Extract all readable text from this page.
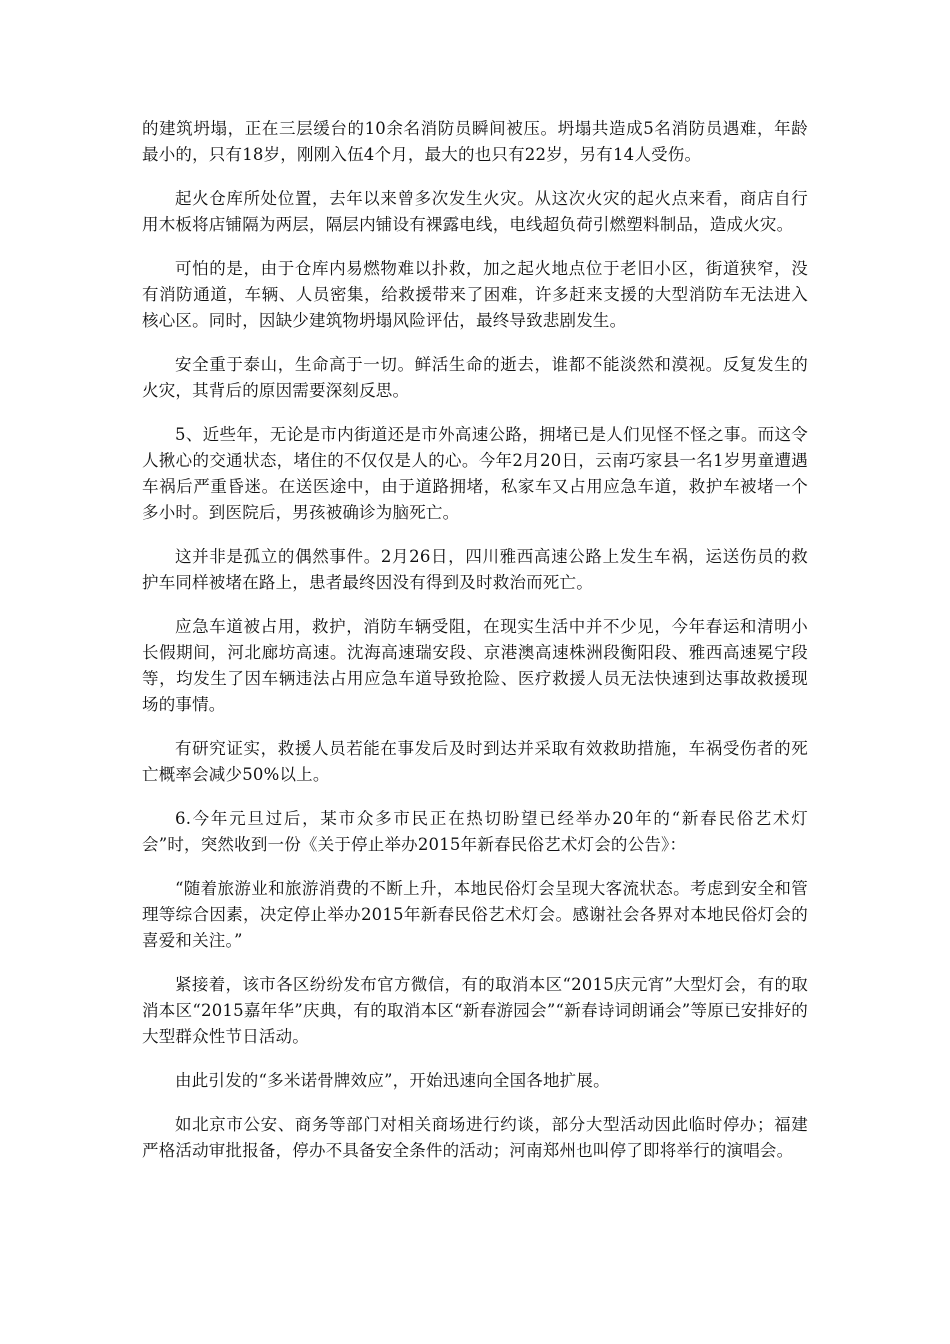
的建筑坍塌，正在三层缓台的10余名消防员瞬间被压。坍塌共造成5名消防员遇难，年龄最小的，只有18岁，刚刚入伍4个月，最大的也只有22岁，另有14人受伤。

起火仓库所处位置，去年以来曾多次发生火灾。从这次火灾的起火点来看，商店自行用木板将店铺隔为两层，隔层内铺设有裸露电线，电线超负荷引燃塑料制品，造成火灾。

可怕的是，由于仓库内易燃物难以扑救，加之起火地点位于老旧小区，街道狭窄，没有消防通道，车辆、人员密集，给救援带来了困难，许多赶来支援的大型消防车无法进入核心区。同时，因缺少建筑物坍塌风险评估，最终导致悲剧发生。

安全重于泰山，生命高于一切。鲜活生命的逝去，谁都不能淡然和漠视。反复发生的火灾，其背后的原因需要深刻反思。

5、近些年，无论是市内街道还是市外高速公路，拥堵已是人们见怪不怪之事。而这令人揪心的交通状态，堵住的不仅仅是人的心。今年2月20日，云南巧家县一名1岁男童遭遇车祸后严重昏迷。在送医途中，由于道路拥堵，私家车又占用应急车道，救护车被堵一个多小时。到医院后，男孩被确诊为脑死亡。

这并非是孤立的偶然事件。2月26日，四川雅西高速公路上发生车祸，运送伤员的救护车同样被堵在路上，患者最终因没有得到及时救治而死亡。

应急车道被占用，救护，消防车辆受阻，在现实生活中并不少见，今年春运和清明小长假期间，河北廊坊高速。沈海高速瑞安段、京港澳高速株洲段衡阳段、雅西高速冕宁段等，均发生了因车辆违法占用应急车道导致抢险、医疗救援人员无法快速到达事故救援现场的事情。

有研究证实，救援人员若能在事发后及时到达并采取有效救助措施，车祸受伤者的死亡概率会减少50%以上。

6.今年元旦过后，某市众多市民正在热切盼望已经举办20年的“新春民俗艺术灯会”时，突然收到一份《关于停止举办2015年新春民俗艺术灯会的公告》：

“随着旅游业和旅游消费的不断上升，本地民俗灯会呈现大客流状态。考虑到安全和管理等综合因素，决定停止举办2015年新春民俗艺术灯会。感谢社会各界对本地民俗灯会的喜爱和关注。”

紧接着，该市各区纷纷发布官方微信，有的取消本区“2015庆元宵”大型灯会，有的取消本区“2015嘉年华”庆典，有的取消本区“新春游园会”“新春诗词朗诵会”等原已安排好的大型群众性节日活动。

由此引发的“多米诺骨牌效应”，开始迅速向全国各地扩展。

如北京市公安、商务等部门对相关商场进行约谈，部分大型活动因此临时停办；福建严格活动审批报备，停办不具备安全条件的活动；河南郑州也叫停了即将举行的演唱会。
